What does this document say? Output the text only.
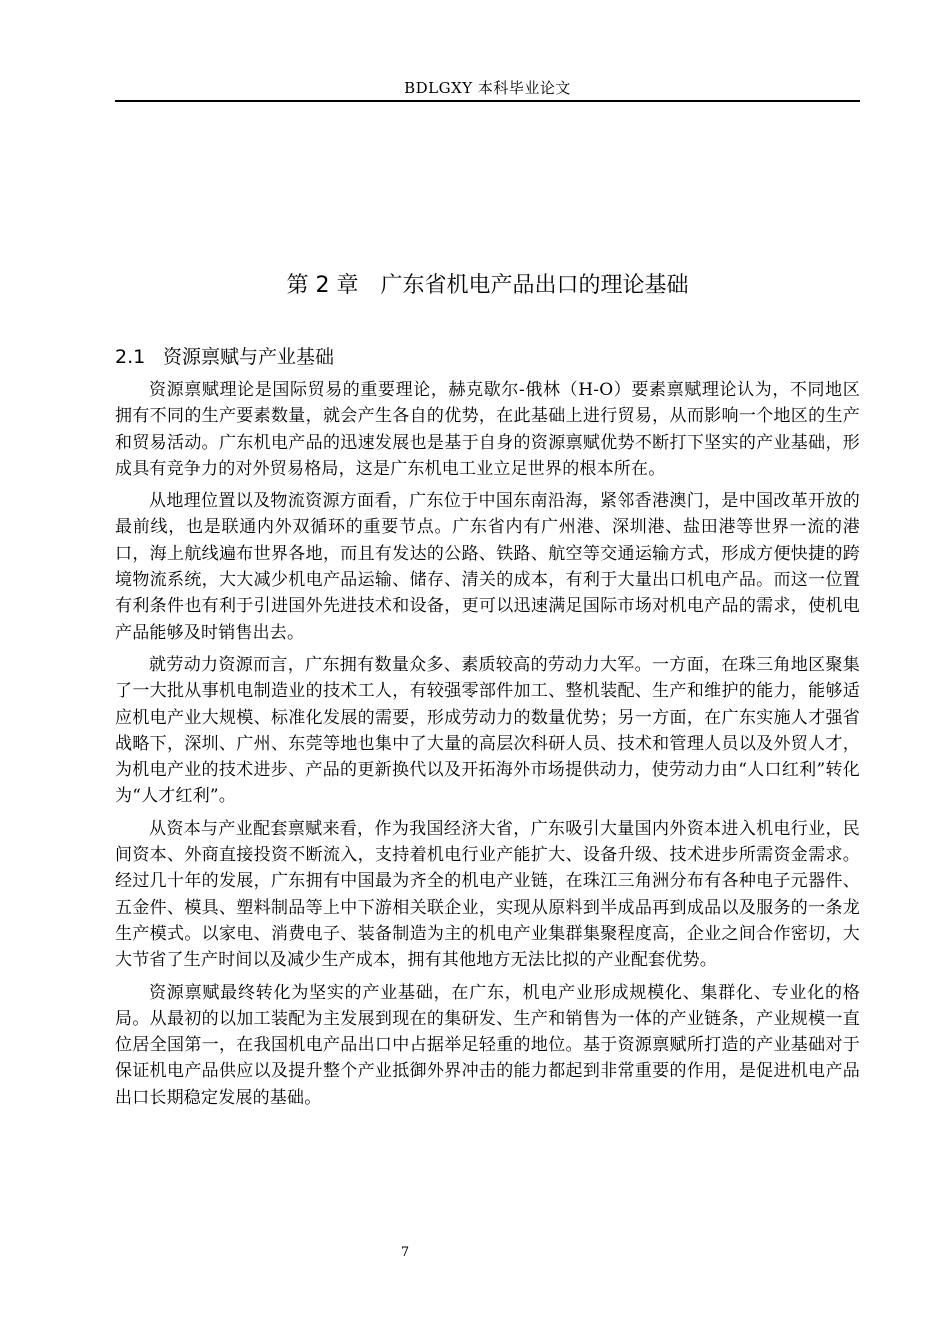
BDLGXY 本科毕业论文
第 2 章　广东省机电产品出口的理论基础
2.1 资源禀赋与产业基础

资源禀赋理论是国际贸易的重要理论，赫克歇尔-俄林（H-O）要素禀赋理论认为，不同地区拥有不同的生产要素数量，就会产生各自的优势，在此基础上进行贸易，从而影响一个地区的生产和贸易活动。广东机电产品的迅速发展也是基于自身的资源禀赋优势不断打下坚实的产业基础，形成具有竞争力的对外贸易格局，这是广东机电工业立足世界的根本所在。

从地理位置以及物流资源方面看，广东位于中国东南沿海，紧邻香港澳门，是中国改革开放的最前线，也是联通内外双循环的重要节点。广东省内有广州港、深圳港、盐田港等世界一流的港口，海上航线遍布世界各地，而且有发达的公路、铁路、航空等交通运输方式，形成方便快捷的跨境物流系统，大大减少机电产品运输、储存、清关的成本，有利于大量出口机电产品。而这一位置有利条件也有利于引进国外先进技术和设备，更可以迅速满足国际市场对机电产品的需求，使机电产品能够及时销售出去。

就劳动力资源而言，广东拥有数量众多、素质较高的劳动力大军。一方面，在珠三角地区聚集了一大批从事机电制造业的技术工人，有较强零部件加工、整机装配、生产和维护的能力，能够适应机电产业大规模、标准化发展的需要，形成劳动力的数量优势；另一方面，在广东实施人才强省战略下，深圳、广州、东莞等地也集中了大量的高层次科研人员、技术和管理人员以及外贸人才，为机电产业的技术进步、产品的更新换代以及开拓海外市场提供动力，使劳动力由“人口红利”转化为“人才红利”。

从资本与产业配套禀赋来看，作为我国经济大省，广东吸引大量国内外资本进入机电行业，民间资本、外商直接投资不断流入，支持着机电行业产能扩大、设备升级、技术进步所需资金需求。经过几十年的发展，广东拥有中国最为齐全的机电产业链，在珠江三角洲分布有各种电子元器件、五金件、模具、塑料制品等上中下游相关联企业，实现从原料到半成品再到成品以及服务的一条龙生产模式。以家电、消费电子、装备制造为主的机电产业集群集聚程度高，企业之间合作密切，大大节省了生产时间以及减少生产成本，拥有其他地方无法比拟的产业配套优势。

资源禀赋最终转化为坚实的产业基础，在广东，机电产业形成规模化、集群化、专业化的格局。从最初的以加工装配为主发展到现在的集研发、生产和销售为一体的产业链条，产业规模一直位居全国第一，在我国机电产品出口中占据举足轻重的地位。基于资源禀赋所打造的产业基础对于保证机电产品供应以及提升整个产业抵御外界冲击的能力都起到非常重要的作用，是促进机电产品出口长期稳定发展的基础。

7
